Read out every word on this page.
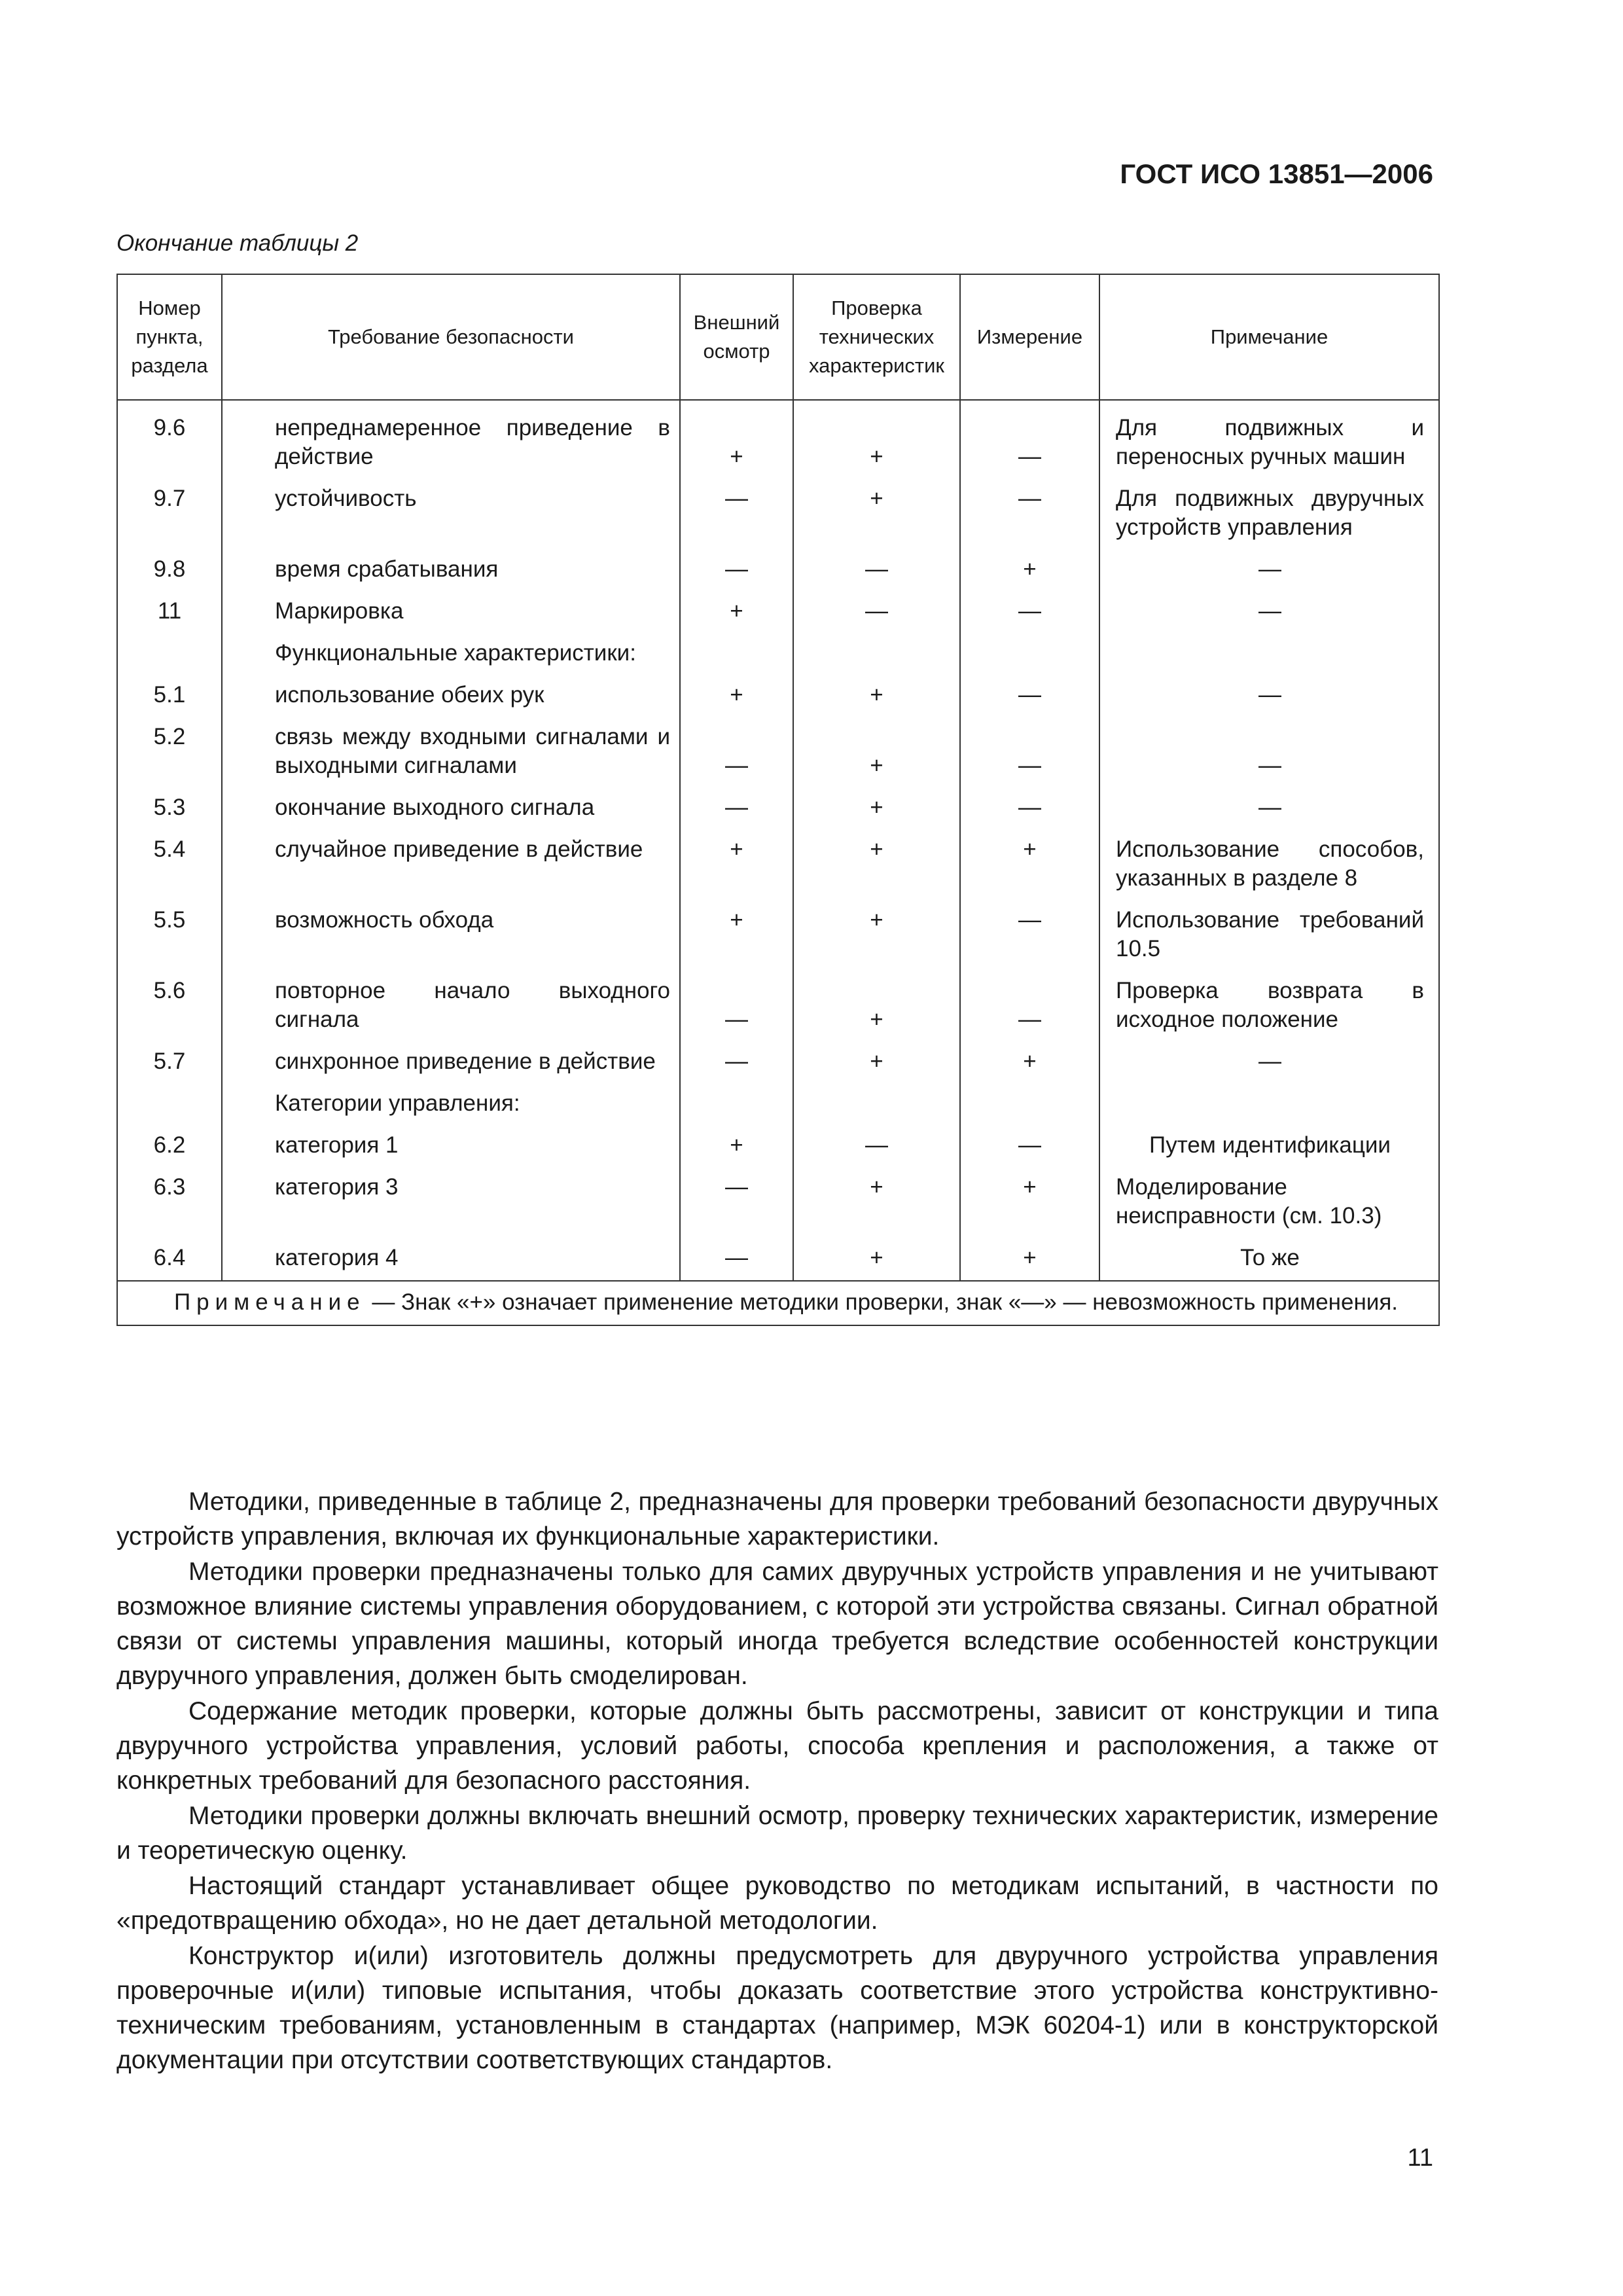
ГОСТ ИСО 13851—2006
Окончание таблицы 2
Номер пункта, раздела	Требование безопасности	Внешний осмотр	Проверка технических характеристик	Измерение	Примечание
9.6	непреднамеренное приведение в действие	+	+	—	Для подвижных и переносных ручных машин
9.7	устойчивость	—	+	—	Для подвижных двуручных устройств управления
9.8	время срабатывания	—	—	+	—
11	Маркировка	+	—	—	—
	Функциональные характеристики:				
5.1	использование обеих рук	+	+	—	—
5.2	связь между входными сигналами и выходными сигналами	—	+	—	—
5.3	окончание выходного сигнала	—	+	—	—
5.4	случайное приведение в действие	+	+	+	Использование способов, указанных в разделе 8
5.5	возможность обхода	+	+	—	Использование требований 10.5
5.6	повторное начало выходного сигнала	—	+	—	Проверка возврата в исходное положение
5.7	синхронное приведение в действие	—	+	+	—
	Категории управления:				
6.2	категория 1	+	—	—	Путем идентификации
6.3	категория 3	—	+	+	Моделирование неисправности (см. 10.3)
6.4	категория 4	—	+	+	То же
Примечание — Знак «+» означает применение методики проверки, знак «—» — невозможность применения.					

Методики, приведенные в таблице 2, предназначены для проверки требований безопасности двуручных устройств управления, включая их функциональные характеристики.

Методики проверки предназначены только для самих двуручных устройств управления и не учитывают возможное влияние системы управления оборудованием, с которой эти устройства связаны. Сигнал обратной связи от системы управления машины, который иногда требуется вследствие особенностей конструкции двуручного управления, должен быть смоделирован.

Содержание методик проверки, которые должны быть рассмотрены, зависит от конструкции и типа двуручного устройства управления, условий работы, способа крепления и расположения, а также от конкретных требований для безопасного расстояния.

Методики проверки должны включать внешний осмотр, проверку технических характеристик, измерение и теоретическую оценку.

Настоящий стандарт устанавливает общее руководство по методикам испытаний, в частности по «предотвращению обхода», но не дает детальной методологии.

Конструктор и(или) изготовитель должны предусмотреть для двуручного устройства управления проверочные и(или) типовые испытания, чтобы доказать соответствие этого устройства конструктивно-техническим требованиям, установленным в стандартах (например, МЭК 60204-1) или в конструкторской документации при отсутствии соответствующих стандартов.

11
